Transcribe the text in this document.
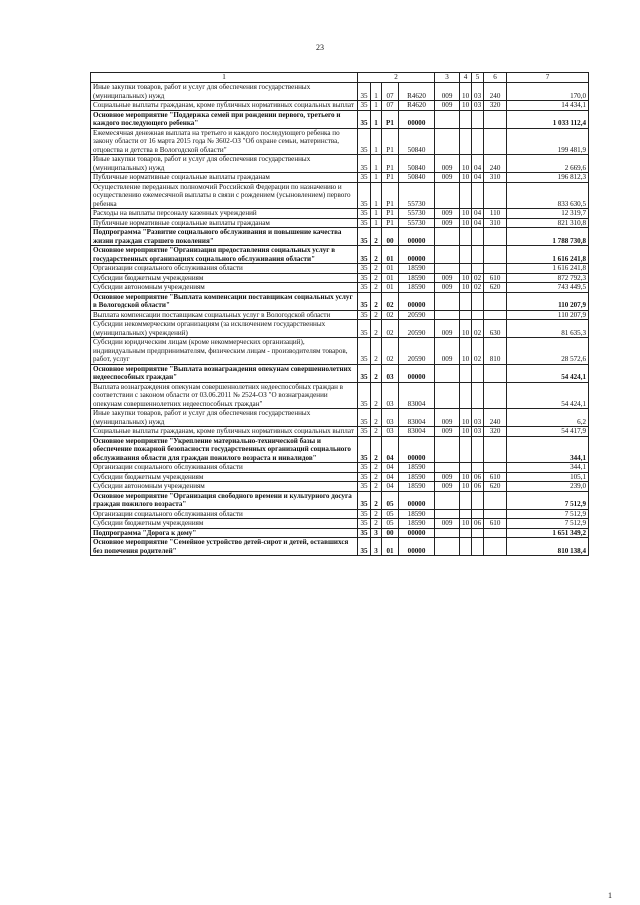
23
1	2				3	4	5	6	7
Иные закупки товаров, работ и услуг для обеспечения государственных (муниципальных) нужд	35	1	07	R4620	009	10	03	240	170,0
Социальные выплаты гражданам, кроме публичных нормативных социальных выплат	35	1	07	R4620	009	10	03	320	14 434,1
Основное мероприятие "Поддержка семей при рождении первого, третьего и каждого последующего ребенка"	35	1	P1	00000					1 033 112,4
Ежемесячная денежная выплата на третьего и каждого последующего ребенка по закону области от 16 марта 2015 года № 3602-ОЗ "Об охране семьи, материнства, отцовства и детства в Вологодской области"	35	1	P1	50840					199 481,9
Иные закупки товаров, работ и услуг для обеспечения государственных (муниципальных) нужд	35	1	P1	50840	009	10	04	240	2 669,6
Публичные нормативные социальные выплаты гражданам	35	1	P1	50840	009	10	04	310	196 812,3
Осуществление переданных полномочий Российской Федерации по назначению и осуществлению ежемесячной выплаты в связи с рождением (усыновлением) первого ребенка	35	1	P1	55730					833 630,5
Расходы на выплаты персоналу казенных учреждений	35	1	P1	55730	009	10	04	110	12 319,7
Публичные нормативные социальные выплаты гражданам	35	1	P1	55730	009	10	04	310	821 310,8
Подпрограмма "Развитие социального обслуживания и повышение качества жизни граждан старшего поколения"	35	2	00	00000					1 788 730,8
Основное мероприятие "Организация предоставления социальных услуг в государственных организациях социального обслуживания области"	35	2	01	00000					1 616 241,8
Организации социального обслуживания области	35	2	01	18590					1 616 241,8
Субсидии бюджетным учреждениям	35	2	01	18590	009	10	02	610	872 792,3
Субсидии автономным учреждениям	35	2	01	18590	009	10	02	620	743 449,5
Основное мероприятие "Выплата компенсации поставщикам социальных услуг в Вологодской области"	35	2	02	00000					110 207,9
Выплата компенсации поставщикам социальных услуг в Вологодской области	35	2	02	20590					110 207,9
Субсидии некоммерческим организациям (за исключением государственных (муниципальных) учреждений)	35	2	02	20590	009	10	02	630	81 635,3
Субсидии юридическим лицам (кроме некоммерческих организаций), индивидуальным предпринимателям, физическим лицам - производителям товаров, работ, услуг	35	2	02	20590	009	10	02	810	28 572,6
Основное мероприятие "Выплата вознаграждения опекунам совершеннолетних недееспособных граждан"	35	2	03	00000					54 424,1
Выплата вознаграждения опекунам совершеннолетних недееспособных граждан в соответствии с законом области от 03.06.2011 № 2524-ОЗ "О вознаграждении опекунам совершеннолетних недееспособных граждан"	35	2	03	83004					54 424,1
Иные закупки товаров, работ и услуг для обеспечения государственных (муниципальных) нужд	35	2	03	83004	009	10	03	240	6,2
Социальные выплаты гражданам, кроме публичных нормативных социальных выплат	35	2	03	83004	009	10	03	320	54 417,9
Основное мероприятие "Укрепление материально-технической базы и обеспечение пожарной безопасности государственных организаций социального обслуживания области для граждан пожилого возраста и инвалидов"	35	2	04	00000					344,1
Организации социального обслуживания области	35	2	04	18590					344,1
Субсидии бюджетным учреждениям	35	2	04	18590	009	10	06	610	105,1
Субсидии автономным учреждениям	35	2	04	18590	009	10	06	620	239,0
Основное мероприятие "Организация свободного времени и культурного досуга граждан пожилого возраста"	35	2	05	00000					7 512,9
Организации социального обслуживания области	35	2	05	18590					7 512,9
Субсидии бюджетным учреждениям	35	2	05	18590	009	10	06	610	7 512,9
Подпрограмма "Дорога к дому"	35	3	00	00000					1 651 349,2
Основное мероприятие "Семейное устройство детей-сирот и детей, оставшихся без попечения родителей"	35	3	01	00000					810 138,4
1
